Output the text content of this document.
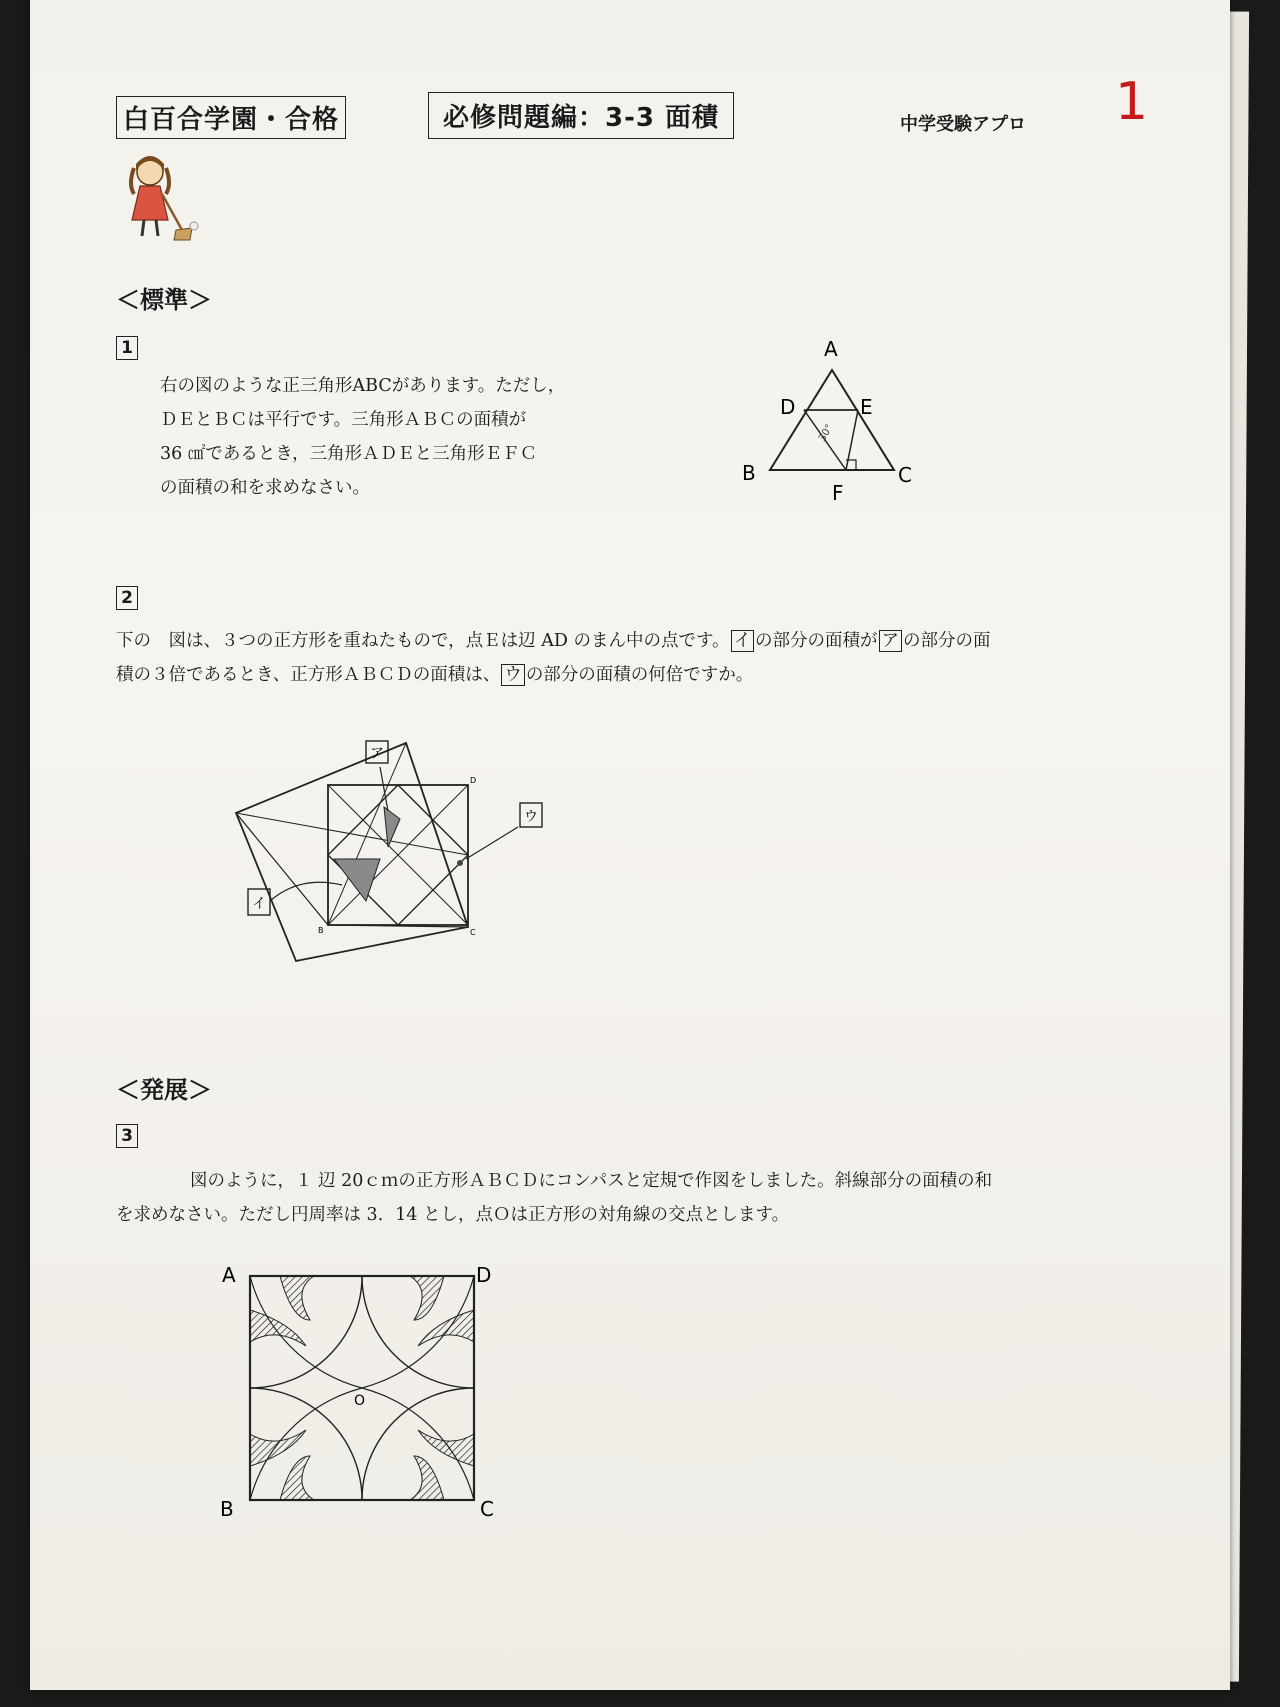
白百合学園・合格	必修問題編：3-3 面積	中学受験アプロ 1
＜標準＞
1
右の図のような正三角形ABCがあります。ただし，
ＤＥとＢＣは平行です。三角形ＡＢＣの面積が
36 ㎠であるとき，三角形ＡＤＥと三角形ＥＦＣ
の面積の和を求めなさい。
30°
A
D	E
B	C
F
2
下の　図は、３つの正方形を重ねたもので，点Ｅは辺 AD のまん中の点です。 イ の部分の面積が ア の部分の面
積の３倍であるとき、正方形ＡＢＣＤの面積は、 ウ の部分の面積の何倍ですか。
ア
ウ
イ
B	C
D
＜発展＞
3
図のように，１ 辺 20ｃｍの正方形ＡＢＣＤにコンパスと定規で作図をしました。斜線部分の面積の和
を求めなさい。ただし円周率は 3．14 とし，点Ｏは正方形の対角線の交点とします。
A	D
B	C
O
